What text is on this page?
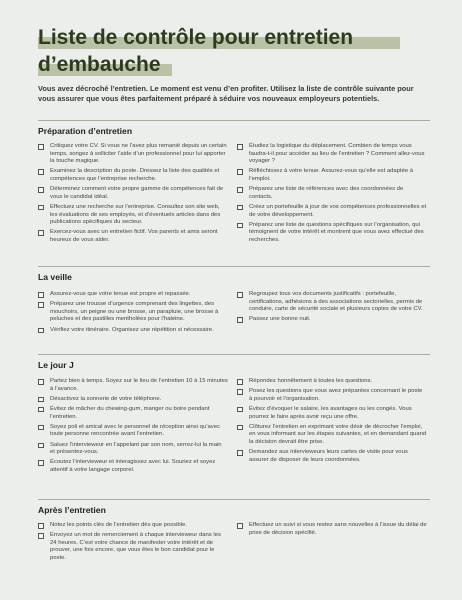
Liste de contrôle pour entretien
d’embauche
Vous avez décroché l’entretien. Le moment est venu d’en profiter. Utilisez la liste de contrôle suivante pour vous assurer que vous êtes parfaitement préparé à séduire vos nouveaux employeurs potentiels.
Préparation d’entretien
Critiquez votre CV. Si vous ne l’avez plus remanié depuis un certain temps, songez à solliciter l’aide d’un professionnel pour lui apporter la touche magique.
Examinez la description du poste. Dressez la liste des qualités et compétences que l’entreprise recherche.
Déterminez comment votre propre gamme de compétences fait de vous le candidat idéal.
Effectuez une recherche sur l’entreprise. Consultez son site web, les évaluations de ses employés, et d’éventuels articles dans des publications spécifiques du secteur.
Exercez-vous avec un entretien fictif. Vos parents et amis seront heureux de vous aider.
Étudiez la logistique du déplacement. Combien de temps vous faudra-t-il pour accéder au lieu de l’entretien ? Comment allez-vous voyager ?
Réfléchissez à votre tenue. Assurez-vous qu’elle est adaptée à l’emploi.
Préparez une liste de références avec des coordonnées de contacts.
Créez un portefeuille à jour de vos compétences professionnelles et de votre développement.
Préparez une liste de questions spécifiques sur l’organisation, qui témoignent de votre intérêt et montrent que vous avez effectué des recherches.
La veille
Assurez-vous que votre tenue est propre et repassée.
Préparez une trousse d’urgence comprenant des lingettes, des mouchoirs, un peigne ou une brosse, un parapluie, une brosse à peluches et des pastilles mentholées pour l’haleine.
Vérifiez votre itinéraire. Organisez une répétition si nécessaire.
Regroupez tous vos documents justificatifs : portefeuille, certifications, adhésions à des associations sectorielles, permis de conduire, carte de sécurité sociale et plusieurs copies de votre CV.
Passez une bonne nuit.
Le jour J
Partez bien à temps. Soyez sur le lieu de l’entretien 10 à 15 minutes à l’avance.
Désactivez la sonnerie de votre téléphone.
Évitez de mâcher du chewing-gum, manger ou boire pendant l’entretien.
Soyez poli et amical avec le personnel de réception ainsi qu’avec toute personne rencontrée avant l’entretien.
Saluez l’intervieweur en l’appelant par son nom, serrez-lui la main et présentez-vous.
Écoutez l’intervieweur et interagissez avec lui. Souriez et soyez attentif à votre langage corporel.
Répondez honnêtement à toutes les questions.
Posez les questions que vous avez préparées concernant le poste à pourvoir et l’organisation.
Évitez d’évoquer le salaire, les avantages ou les congés. Vous pourrez le faire après avoir reçu une offre.
Clôturez l’entretien en exprimant votre désir de décrocher l’emploi, en vous informant sur les étapes suivantes, et en demandant quand la décision devrait être prise.
Demandez aux intervieweurs leurs cartes de visite pour vous assurer de disposer de leurs coordonnées.
Après l’entretien
Notez les points clés de l’entretien dès que possible.
Envoyez un mot de remerciement à chaque intervieweur dans les 24 heures. C’est votre chance de manifester votre intérêt et de prouver, une fois encore, que vous êtes le bon candidat pour le poste.
Effectuez un suivi si vous restez sans nouvelles à l’issue du délai de prise de décision spécifié.
